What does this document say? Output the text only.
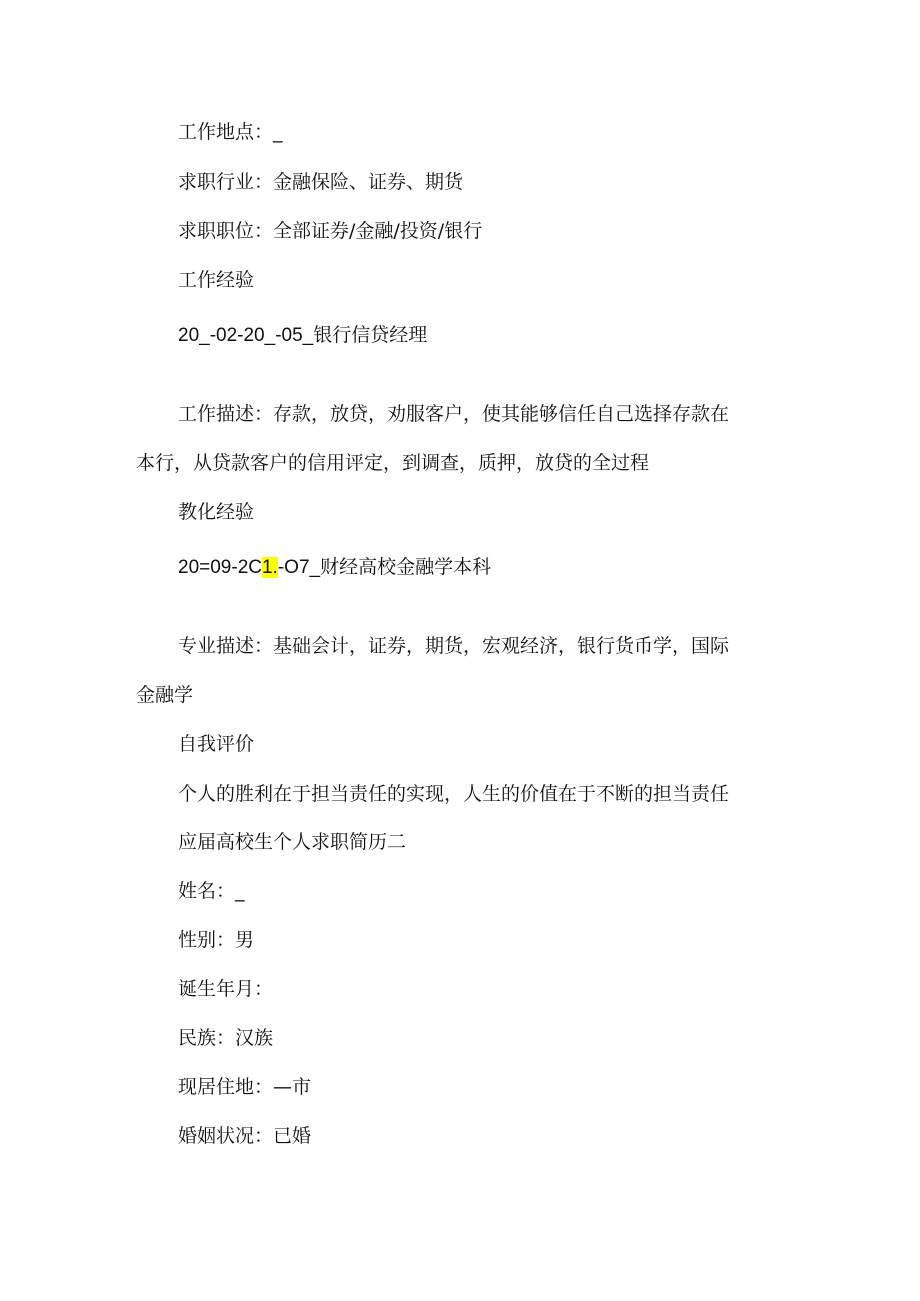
工作地点：_

求职行业：金融保险、证券、期货

求职职位：全部证券/金融/投资/银行

工作经验

20_-02-20_-05_银行信贷经理

工作描述：存款，放贷，劝服客户，使其能够信任自己选择存款在

本行，从贷款客户的信用评定，到调查，质押，放贷的全过程

教化经验

20=09-2C1.-O7_财经高校金融学本科

专业描述：基础会计，证券，期货，宏观经济，银行货币学，国际

金融学

自我评价

个人的胜利在于担当责任的实现，人生的价值在于不断的担当责任

应届高校生个人求职简历二

姓名：_

性别：男

诞生年月：

民族：汉族

现居住地：—市

婚姻状况：已婚
